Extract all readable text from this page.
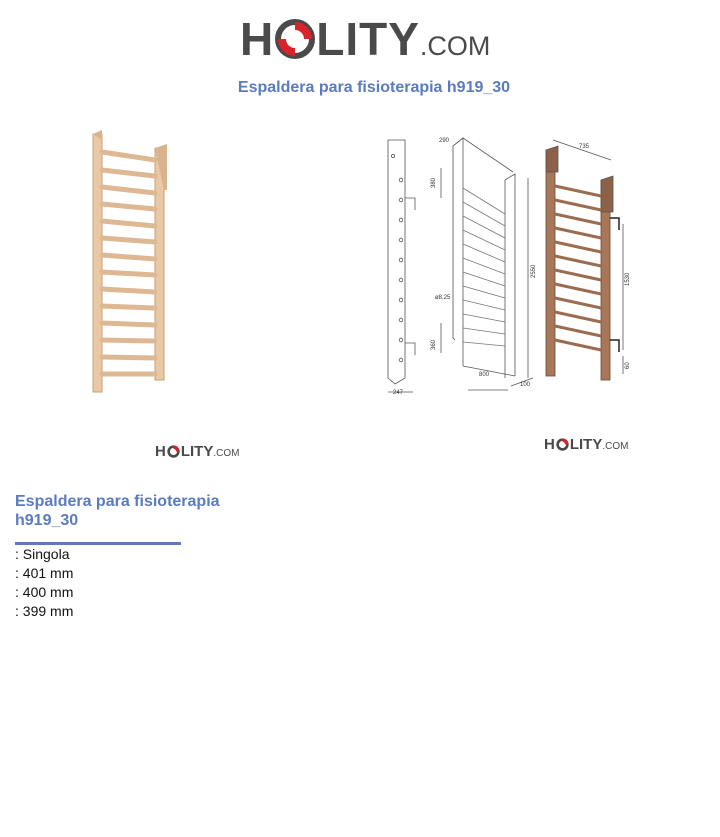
H LITY .COM
Espaldera para fisioterapia h919_30
290
380
2550
ø8,25
360
800
100
247
735
1530
60
H LITY .COM
H LITY .COM
Espaldera para fisioterapia h919_30
: Singola
: 401 mm
: 400 mm
: 399 mm
